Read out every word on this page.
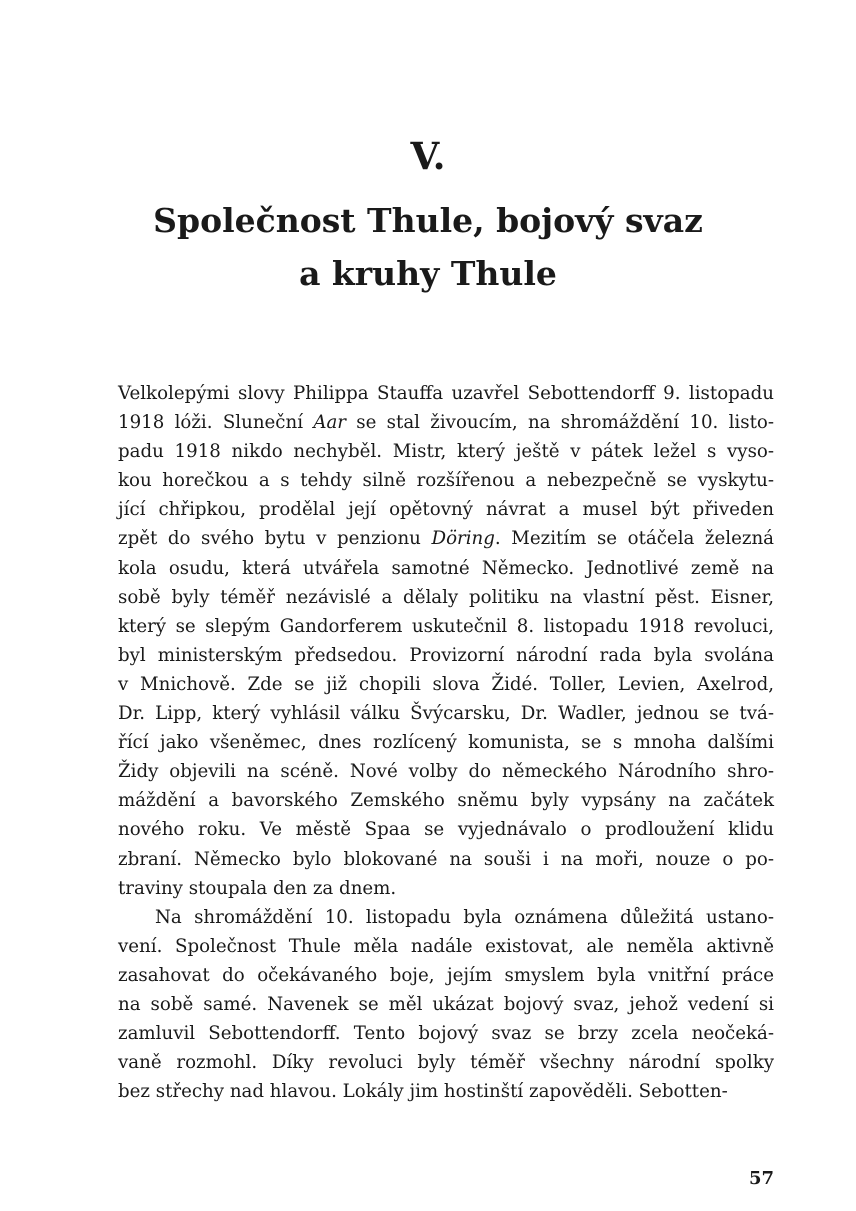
V.
Společnost Thule, bojový svaz
a kruhy Thule
Velkolepými slovy Philippa Stauffa uzavřel Sebottendorff 9. listopadu
1918 lóži. Sluneční Aar se stal živoucím, na shromáždění 10. listo-
padu 1918 nikdo nechyběl. Mistr, který ještě v pátek ležel s vyso-
kou horečkou a s tehdy silně rozšířenou a nebezpečně se vyskytu-
jící chřipkou, prodělal její opětovný návrat a musel být přiveden
zpět do svého bytu v penzionu Döring. Mezitím se otáčela železná
kola osudu, která utvářela samotné Německo. Jednotlivé země na
sobě byly téměř nezávislé a dělaly politiku na vlastní pěst. Eisner,
který se slepým Gandorferem uskutečnil 8. listopadu 1918 revoluci,
byl ministerským předsedou. Provizorní národní rada byla svolána
v Mnichově. Zde se již chopili slova Židé. Toller, Levien, Axelrod,
Dr. Lipp, který vyhlásil válku Švýcarsku, Dr. Wadler, jednou se tvá-
řící jako všeněmec, dnes rozlícený komunista, se s mnoha dalšími
Židy objevili na scéně. Nové volby do německého Národního shro-
máždění a bavorského Zemského sněmu byly vypsány na začátek
nového roku. Ve městě Spaa se vyjednávalo o prodloužení klidu
zbraní. Německo bylo blokované na souši i na moři, nouze o po-
traviny stoupala den za dnem.
Na shromáždění 10. listopadu byla oznámena důležitá ustano-
vení. Společnost Thule měla nadále existovat, ale neměla aktivně
zasahovat do očekávaného boje, jejím smyslem byla vnitřní práce
na sobě samé. Navenek se měl ukázat bojový svaz, jehož vedení si
zamluvil Sebottendorff. Tento bojový svaz se brzy zcela neočeká-
vaně rozmohl. Díky revoluci byly téměř všechny národní spolky
bez střechy nad hlavou. Lokály jim hostinští zapověděli. Sebotten-
57
